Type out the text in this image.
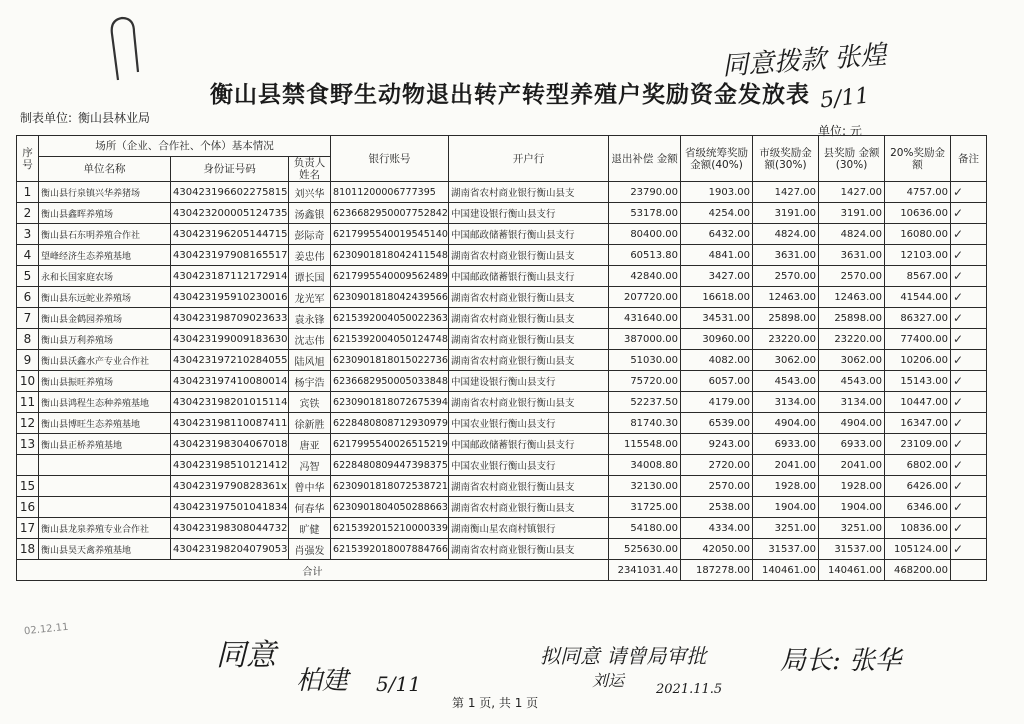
衡山县禁食野生动物退出转产转型养殖户奖励资金发放表
同意拨款 张煌
5/11
制表单位: 衡山县林业局
单位: 元
序号	场所（企业、合作社、个体）基本情况			银行账号	开户行	退出补偿 金额	省级统筹奖励金额(40%)	市级奖励金额(30%)	县奖励 金额(30%)	20%奖励金额	备注
	单位名称	身份证号码	负责人姓名								
1	衡山县行泉镇兴华养猪场	430423196602275815	刘兴华	81011200006777395	湖南省农村商业银行衡山县支	23790.00	1903.00	1427.00	1427.00	4757.00	✓
2	衡山县鑫晖养殖场	430423200005124735	汤鑫银	6236682950007752842	中国建设银行衡山县支行	53178.00	4254.00	3191.00	3191.00	10636.00	✓
3	衡山县石东明养殖合作社	430423196205144715	彭际奇	6217995540019545140	中国邮政储蓄银行衡山县支行	80400.00	6432.00	4824.00	4824.00	16080.00	✓
4	望峰经济生态养殖基地	430423197908165517	姜忠伟	6230901818042411548	湖南省农村商业银行衡山县支	60513.80	4841.00	3631.00	3631.00	12103.00	✓
5	永和长国家庭农场	430423187112172914	谭长国	6217995540009562489	中国邮政储蓄银行衡山县支行	42840.00	3427.00	2570.00	2570.00	8567.00	✓
6	衡山县东远蛇业养殖场	430423195910230016	龙光军	6230901818042439566	湖南省农村商业银行衡山县支	207720.00	16618.00	12463.00	12463.00	41544.00	✓
7	衡山县金鹤园养殖场	430423198709023633	袁永锋	6215392004050022363	湖南省农村商业银行衡山县支	431640.00	34531.00	25898.00	25898.00	86327.00	✓
8	衡山县万利养殖场	430423199009183630	沈志伟	6215392004050124748	湖南省农村商业银行衡山县支	387000.00	30960.00	23220.00	23220.00	77400.00	✓
9	衡山县沃鑫水产专业合作社	430423197210284055	陆风旭	6230901818015022736	湖南省农村商业银行衡山县支	51030.00	4082.00	3062.00	3062.00	10206.00	✓
10	衡山县振旺养殖场	430423197410080014	杨宇浩	6236682950005033848	中国建设银行衡山县支行	75720.00	6057.00	4543.00	4543.00	15143.00	✓
11	衡山县鸿程生态种养殖基地	430423198201015114	宾铁	6230901818072675394	湖南省农村商业银行衡山县支	52237.50	4179.00	3134.00	3134.00	10447.00	✓
12	衡山县博旺生态养殖基地	430423198110087411	徐新胜	6228480808712930979	中国农业银行衡山县支行	81740.30	6539.00	4904.00	4904.00	16347.00	✓
13	衡山县正桥养殖基地	430423198304067018	唐亚	6217995540026515219	中国邮政储蓄银行衡山县支行	115548.00	9243.00	6933.00	6933.00	23109.00	✓
		430423198510121412	冯智	6228480809447398375	中国农业银行衡山县支行	34008.80	2720.00	2041.00	2041.00	6802.00	✓
15		43042319790828361x	曾中华	6230901818072538721	湖南省农村商业银行衡山县支	32130.00	2570.00	1928.00	1928.00	6426.00	✓
16		430423197501041834	何春华	6230901804050288663	湖南省农村商业银行衡山县支	31725.00	2538.00	1904.00	1904.00	6346.00	✓
17	衡山县龙泉养殖专业合作社	430423198308044732	旷健	6215392015210000339	湖南衡山星农商村镇银行	54180.00	4334.00	3251.00	3251.00	10836.00	✓
18	衡山县昊天禽养殖基地	430423198204079053	肖强发	6215392018007884766	湖南省农村商业银行衡山县支	525630.00	42050.00	31537.00	31537.00	105124.00	✓
合计						2341031.40	187278.00	140461.00	140461.00	468200.00	
02.12.11
同意
柏建 5/11
拟同意 请曾局审批
刘运 2021.11.5
局长: 张华
第 1 页, 共 1 页
